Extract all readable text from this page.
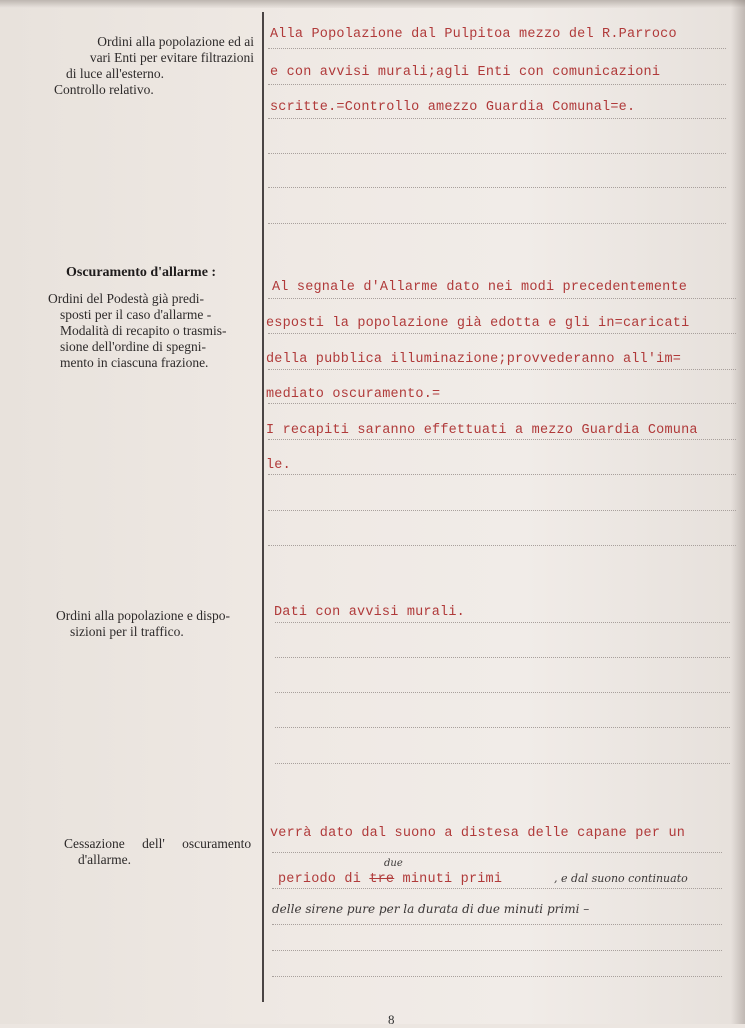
Ordini alla popolazione ed ai
vari Enti per evitare filtrazioni
di luce all'esterno.
Controllo relativo.
Alla Popolazione dal Pulpitoa mezzo del R.Parroco
e con avvisi murali;agli Enti con comunicazioni
scritte.=Controllo amezzo Guardia Comunal=e.
Oscuramento d'allarme :
Ordini del Podestà già predi-
sposti per il caso d'allarme -
Modalità di recapito o trasmis-
sione dell'ordine di spegni-
mento in ciascuna frazione.
Al segnale d'Allarme dato nei modi precedentemente
esposti la popolazione già edotta e gli in=caricati
della pubblica illuminazione;provvederanno all'im=
mediato oscuramento.=
I recapiti saranno effettuati a mezzo Guardia Comuna
le.
Ordini alla popolazione e dispo-
sizioni per il traffico.
Dati con avvisi murali.
Cessazione dell' oscuramento
d'allarme.
verrà dato dal suono a distesa delle capane per un
periodo di tre minuti primi
due
, e dal suono continuato
delle sirene pure per la durata di due minuti primi –
8
